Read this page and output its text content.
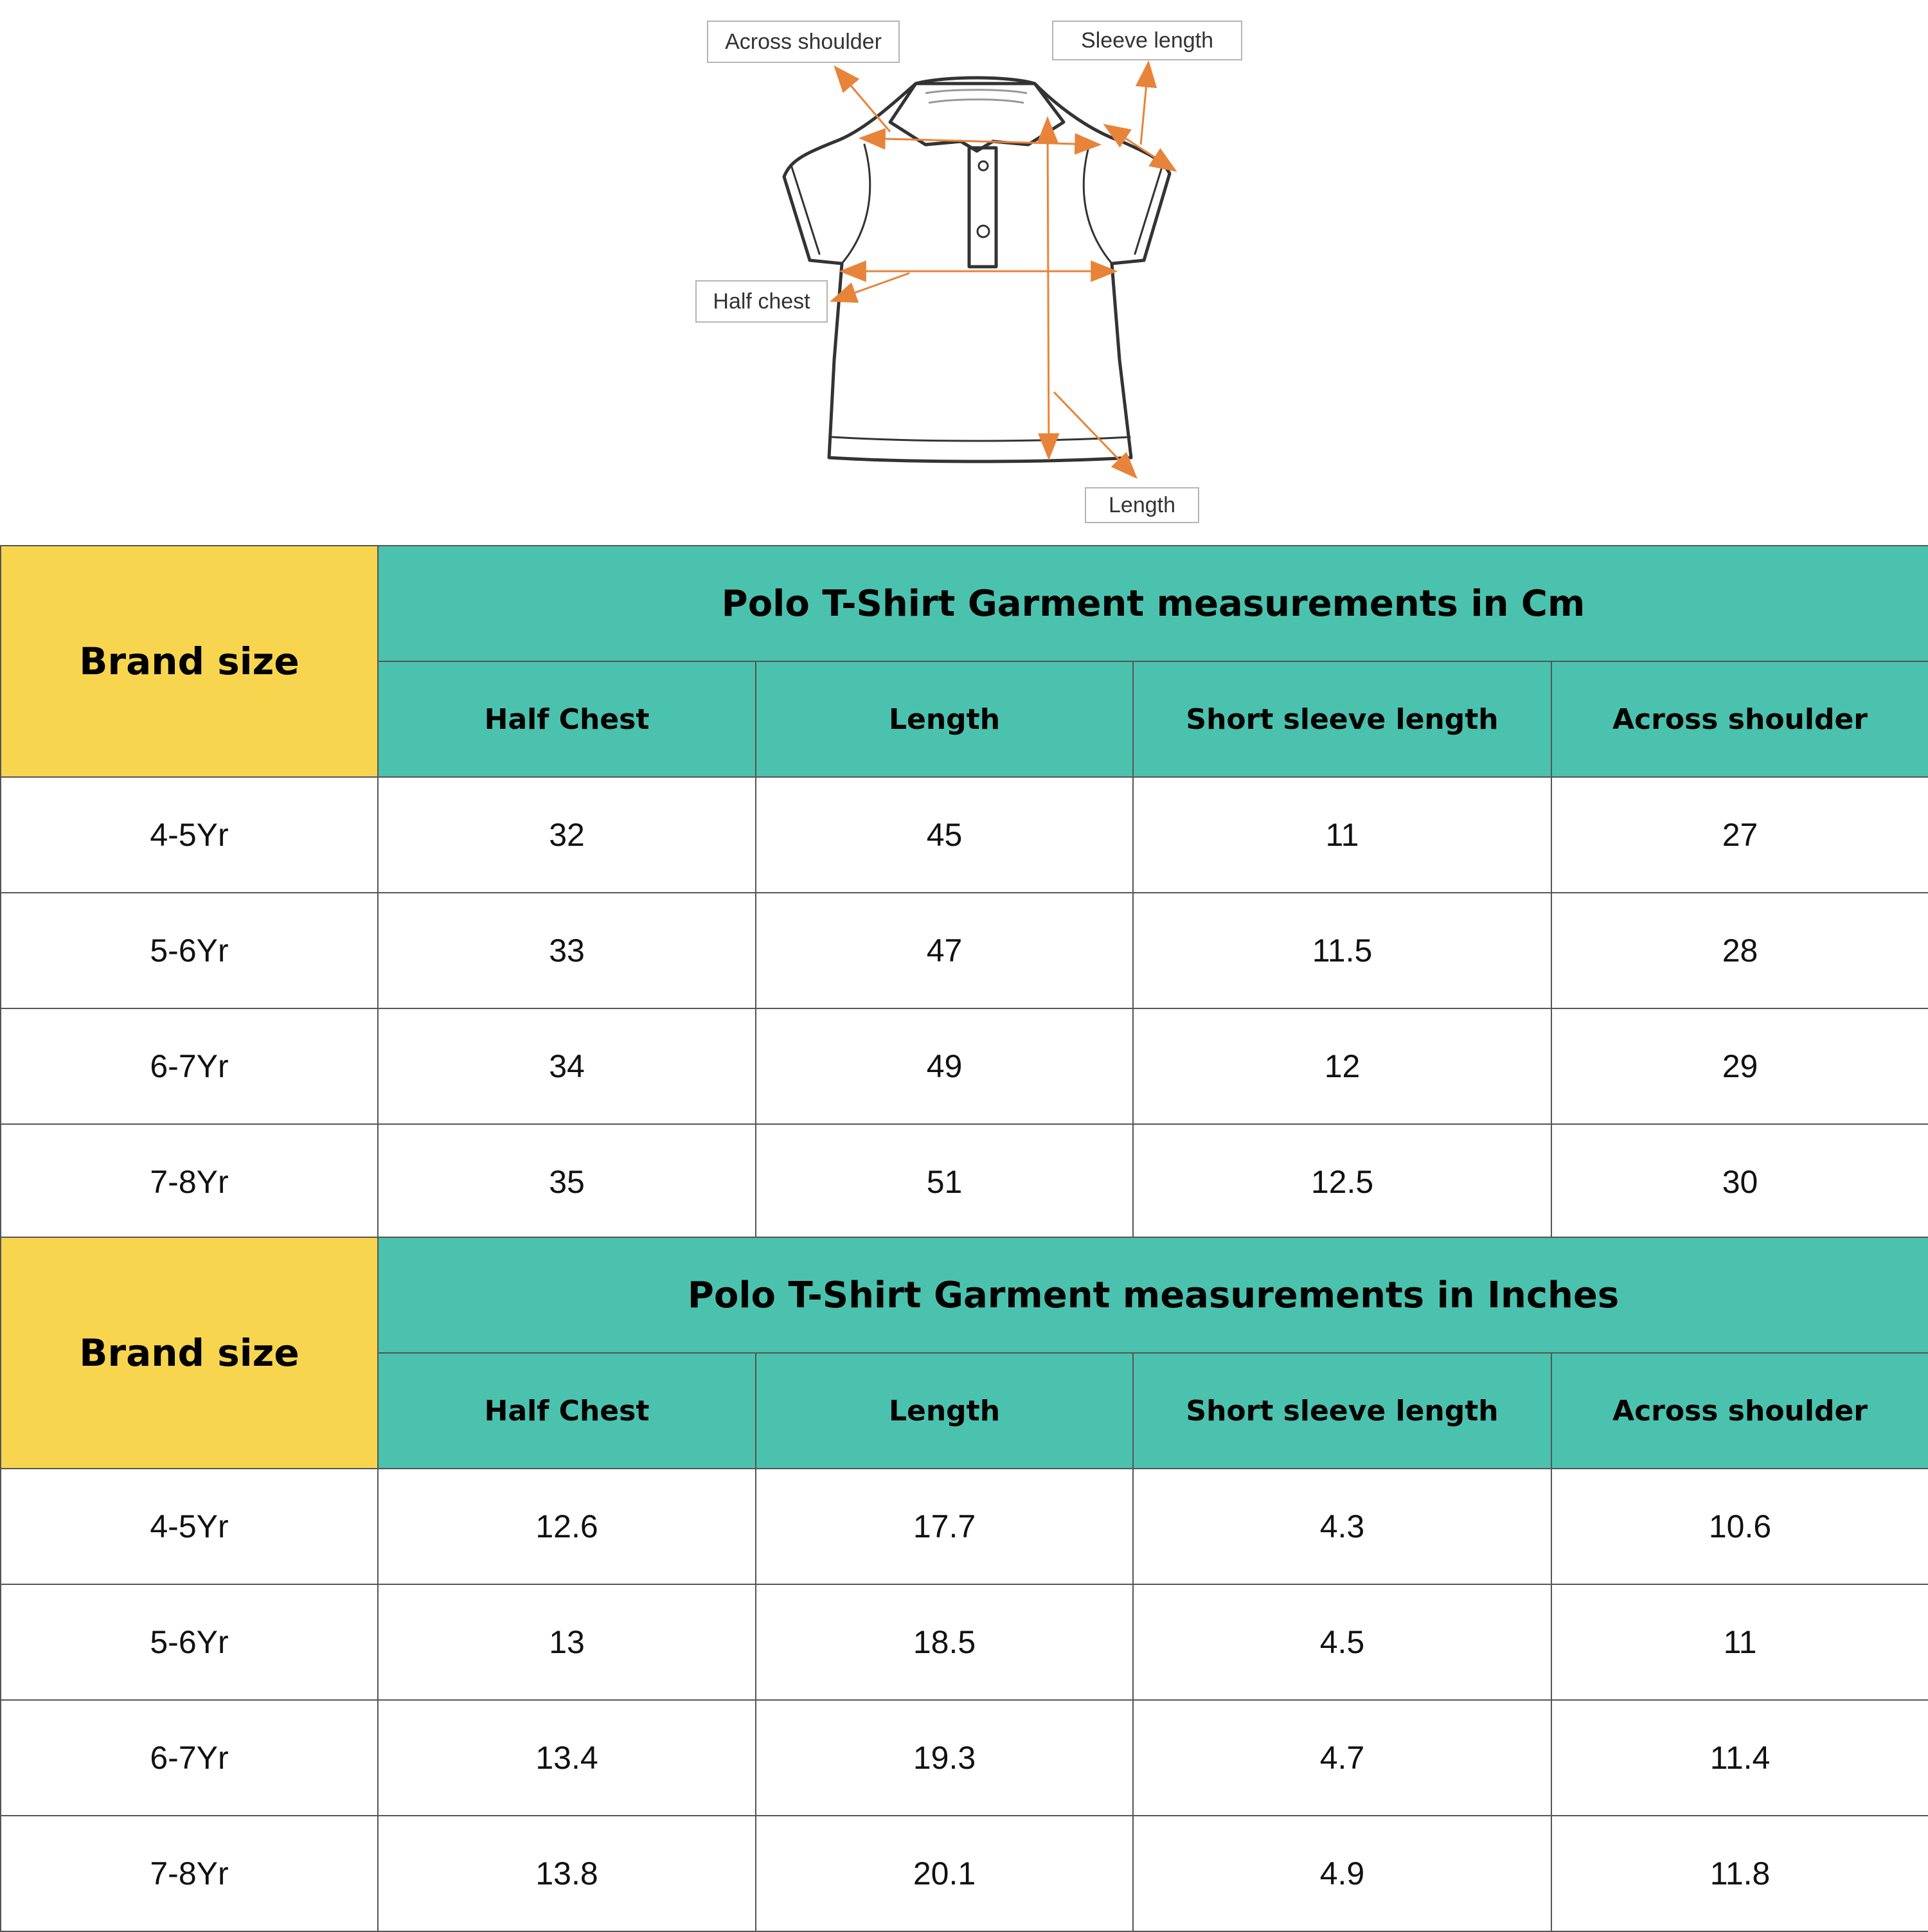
Across shoulder	Sleeve length
Half chest
Length
Brand size	Polo T-Shirt Garment measurements in Cm			
	Half Chest	Length	Short sleeve length	Across shoulder
4-5Yr	32	45	11	27
5-6Yr	33	47	11.5	28
6-7Yr	34	49	12	29
7-8Yr	35	51	12.5	30
Brand size	Polo T-Shirt Garment measurements in Inches			
	Half Chest	Length	Short sleeve length	Across shoulder
4-5Yr	12.6	17.7	4.3	10.6
5-6Yr	13	18.5	4.5	11
6-7Yr	13.4	19.3	4.7	11.4
7-8Yr	13.8	20.1	4.9	11.8
